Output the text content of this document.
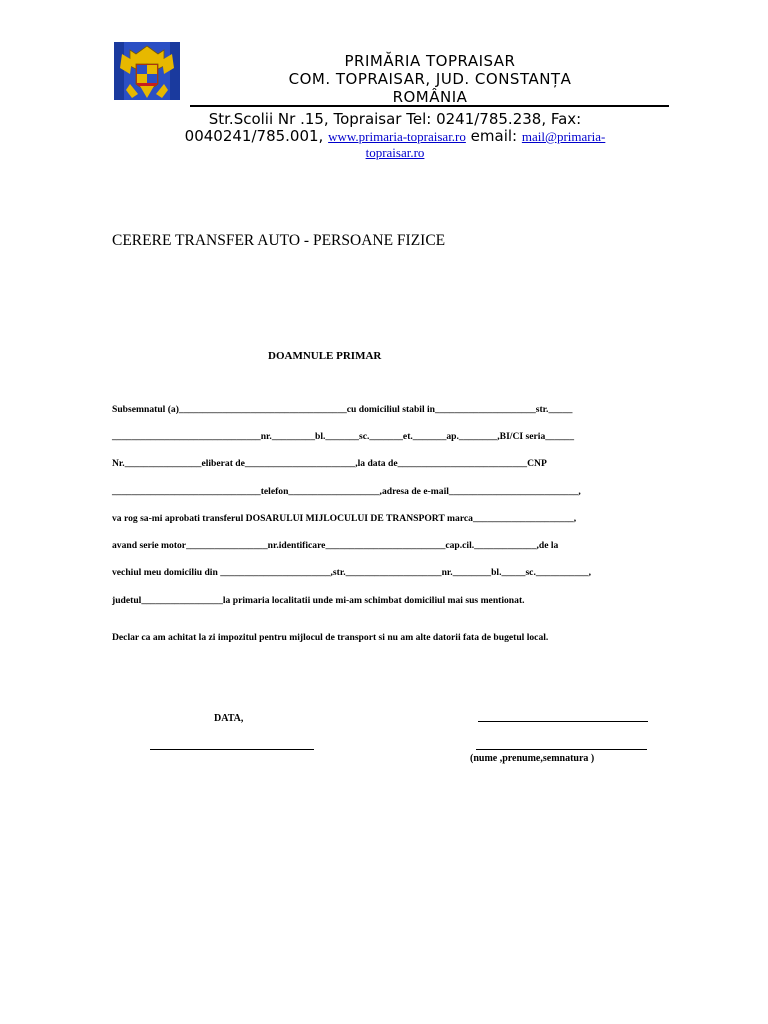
PRIMĂRIA TOPRAISAR
COM. TOPRAISAR, JUD. CONSTANȚA
ROMÂNIA
Str.Scolii Nr .15, Topraisar Tel: 0241/785.238, Fax:
0040241/785.001, www.primaria-topraisar.ro email: mail@primaria-
topraisar.ro
CERERE TRANSFER AUTO - PERSOANE FIZICE
DOAMNULE PRIMAR
Subsemnatul (a)___________________________________cu domiciliul stabil in_____________________str._____
_______________________________nr._________bl._______sc._______et._______ap.________,BI/CI seria______
Nr.________________eliberat de_______________________,la data de___________________________CNP
_______________________________telefon___________________,adresa de e-mail___________________________,
va rog sa-mi aprobati transferul DOSARULUI MIJLOCULUI DE TRANSPORT marca_____________________,
avand serie motor_________________nr.identificare_________________________cap.cil._____________,de la
vechiul meu domiciliu din _______________________,str.____________________nr.________bl._____sc.___________,
judetul_________________la primaria localitatii unde mi-am schimbat domiciliul mai sus mentionat.
Declar ca am achitat la zi impozitul pentru mijlocul de transport si nu am alte datorii fata de bugetul local.
DATA,
(nume ,prenume,semnatura )
